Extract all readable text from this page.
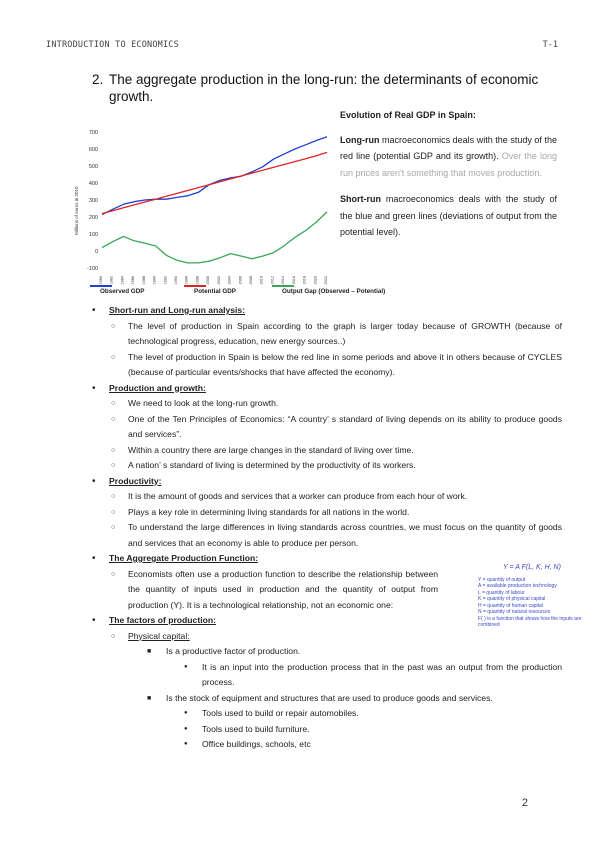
INTRODUCTION TO ECONOMICS	T-1
2. The aggregate production in the long-run: the determinants of economic
growth.
700
600
500
400
300
200
100
0
-100
1980 1982 1984 1986 1988 1990 1992 1994 1996 1998 2000 2002 2004 2006 2008 2010 2012 2014 2016 2018 2020 2022
Millions of euros in 2010
Observed GDP	Potential GDP	Output Gap (Observed – Potential)
Evolution of Real GDP in Spain:

Long-run macroeconomics deals with the study of the red line (potential GDP and its growth). Over the long run prices aren't something that moves production.

Short-run macroeconomics deals with the study of the blue and green lines (deviations of output from the potential level).

• Short-run and Long-run analysis:
○ The level of production in Spain according to the graph is larger today because of GROWTH (because of technological progress, education, new energy sources..)
○ The level of production in Spain is below the red line in some periods and above it in others because of CYCLES (because of particular events/shocks that have affected the economy).
• Production and growth:
○ We need to look at the long-run growth.
○ One of the Ten Principles of Economics: “A country’ s standard of living depends on its ability to produce goods and services”.
○ Within a country there are large changes in the standard of living over time.
○ A nation’ s standard of living is determined by the productivity of its workers.
• Productivity:
○ It is the amount of goods and services that a worker can produce from each hour of work.
○ Plays a key role in determining living standards for all nations in the world.
○ To understand the large differences in living standards across countries, we must focus on the quantity of goods and services that an economy is able to produce per person.
• The Aggregate Production Function:
○ Economists often use a production function to describe the relationship between the quantity of inputs used in production and the quantity of output from production (Y). It is a technological relationship, not an economic one:
• The factors of production:
○ Physical capital:
■ Is a productive factor of production.
● It is an input into the production process that in the past was an output from the production process.
■ Is the stock of equipment and structures that are used to produce goods and services.
● Tools used to build or repair automobiles.
● Tools used to build furniture.
● Office buildings, schools, etc
Y = A F(L, K, H, N)
Y = quantity of output
A = available production technology
L = quantity of labour
K = quantity of physical capital
H = quantity of human capital
N = quantity of natural resources
F( ) is a function that shows how the inputs are combined
2
